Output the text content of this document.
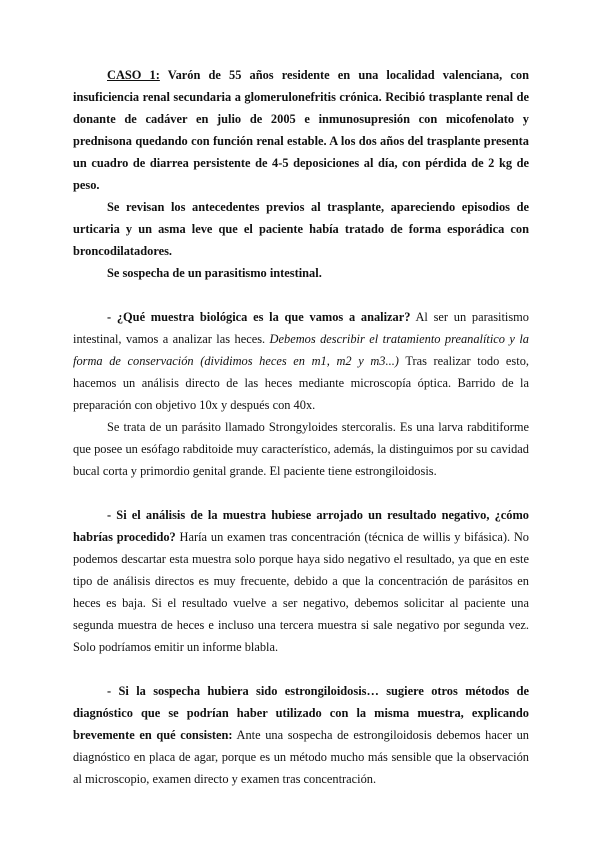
CASO 1: Varón de 55 años residente en una localidad valenciana, con insuficiencia renal secundaria a glomerulonefritis crónica. Recibió trasplante renal de donante de cadáver en julio de 2005 e inmunosupresión con micofenolato y prednisona quedando con función renal estable. A los dos años del trasplante presenta un cuadro de diarrea persistente de 4-5 deposiciones al día, con pérdida de 2 kg de peso.

Se revisan los antecedentes previos al trasplante, apareciendo episodios de urticaria y un asma leve que el paciente había tratado de forma esporádica con broncodilatadores.

Se sospecha de un parasitismo intestinal.

- ¿Qué muestra biológica es la que vamos a analizar? Al ser un parasitismo intestinal, vamos a analizar las heces. Debemos describir el tratamiento preanalítico y la forma de conservación (dividimos heces en m1, m2 y m3...) Tras realizar todo esto, hacemos un análisis directo de las heces mediante microscopía óptica. Barrido de la preparación con objetivo 10x y después con 40x.

Se trata de un parásito llamado Strongyloides stercoralis. Es una larva rabditiforme que posee un esófago rabditoide muy característico, además, la distinguimos por su cavidad bucal corta y primordio genital grande. El paciente tiene estrongiloidosis.

- Si el análisis de la muestra hubiese arrojado un resultado negativo, ¿cómo habrías procedido? Haría un examen tras concentración (técnica de willis y bifásica). No podemos descartar esta muestra solo porque haya sido negativo el resultado, ya que en este tipo de análisis directos es muy frecuente, debido a que la concentración de parásitos en heces es baja. Si el resultado vuelve a ser negativo, debemos solicitar al paciente una segunda muestra de heces e incluso una tercera muestra si sale negativo por segunda vez. Solo podríamos emitir un informe blabla.

- Si la sospecha hubiera sido estrongiloidosis… sugiere otros métodos de diagnóstico que se podrían haber utilizado con la misma muestra, explicando brevemente en qué consisten: Ante una sospecha de estrongiloidosis debemos hacer un diagnóstico en placa de agar, porque es un método mucho más sensible que la observación al microscopio, examen directo y examen tras concentración.
